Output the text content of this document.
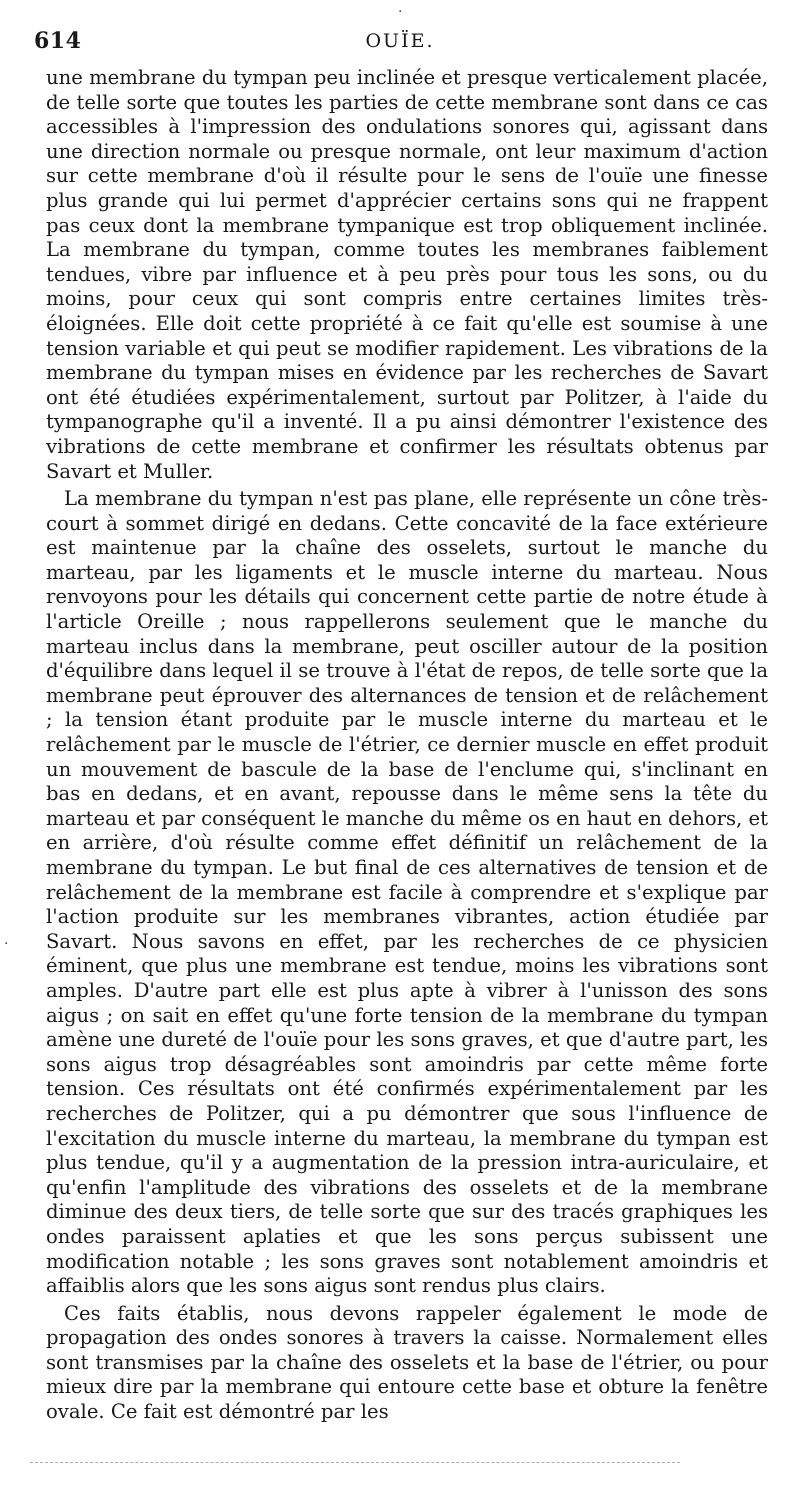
614	OUÏE.

une membrane du tympan peu inclinée et presque verticalement placée, de telle sorte que toutes les parties de cette membrane sont dans ce cas accessibles à l'impression des ondulations sonores qui, agissant dans une direction normale ou presque normale, ont leur maximum d'action sur cette membrane d'où il résulte pour le sens de l'ouïe une finesse plus grande qui lui permet d'apprécier certains sons qui ne frappent pas ceux dont la membrane tympanique est trop obliquement inclinée. La membrane du tympan, comme toutes les membranes faiblement tendues, vibre par influence et à peu près pour tous les sons, ou du moins, pour ceux qui sont compris entre certaines limites très-éloignées. Elle doit cette propriété à ce fait qu'elle est soumise à une tension variable et qui peut se modifier rapidement. Les vibrations de la membrane du tympan mises en évidence par les recherches de Savart ont été étudiées expérimentalement, surtout par Politzer, à l'aide du tympanographe qu'il a inventé. Il a pu ainsi démontrer l'existence des vibrations de cette membrane et confirmer les résultats obtenus par Savart et Muller.

La membrane du tympan n'est pas plane, elle représente un cône très-court à sommet dirigé en dedans. Cette concavité de la face extérieure est maintenue par la chaîne des osselets, surtout le manche du marteau, par les ligaments et le muscle interne du marteau. Nous renvoyons pour les détails qui concernent cette partie de notre étude à l'article Oreille ; nous rappellerons seulement que le manche du marteau inclus dans la membrane, peut osciller autour de la position d'équilibre dans lequel il se trouve à l'état de repos, de telle sorte que la membrane peut éprouver des alternances de tension et de relâchement ; la tension étant produite par le muscle interne du marteau et le relâchement par le muscle de l'étrier, ce dernier muscle en effet produit un mouvement de bascule de la base de l'enclume qui, s'inclinant en bas en dedans, et en avant, repousse dans le même sens la tête du marteau et par conséquent le manche du même os en haut en dehors, et en arrière, d'où résulte comme effet définitif un relâchement de la membrane du tympan. Le but final de ces alternatives de tension et de relâchement de la membrane est facile à comprendre et s'explique par l'action produite sur les membranes vibrantes, action étudiée par Savart. Nous savons en effet, par les recherches de ce physicien éminent, que plus une membrane est tendue, moins les vibrations sont amples. D'autre part elle est plus apte à vibrer à l'unisson des sons aigus ; on sait en effet qu'une forte tension de la membrane du tympan amène une dureté de l'ouïe pour les sons graves, et que d'autre part, les sons aigus trop désagréables sont amoindris par cette même forte tension. Ces résultats ont été confirmés expérimentalement par les recherches de Politzer, qui a pu démontrer que sous l'influence de l'excitation du muscle interne du marteau, la membrane du tympan est plus tendue, qu'il y a augmentation de la pression intra-auriculaire, et qu'enfin l'amplitude des vibrations des osselets et de la membrane diminue des deux tiers, de telle sorte que sur des tracés graphiques les ondes paraissent aplaties et que les sons perçus subissent une modification notable ; les sons graves sont notablement amoindris et affaiblis alors que les sons aigus sont rendus plus clairs.

Ces faits établis, nous devons rappeler également le mode de propagation des ondes sonores à travers la caisse. Normalement elles sont transmises par la chaîne des osselets et la base de l'étrier, ou pour mieux dire par la membrane qui entoure cette base et obture la fenêtre ovale. Ce fait est démontré par les

·
·
